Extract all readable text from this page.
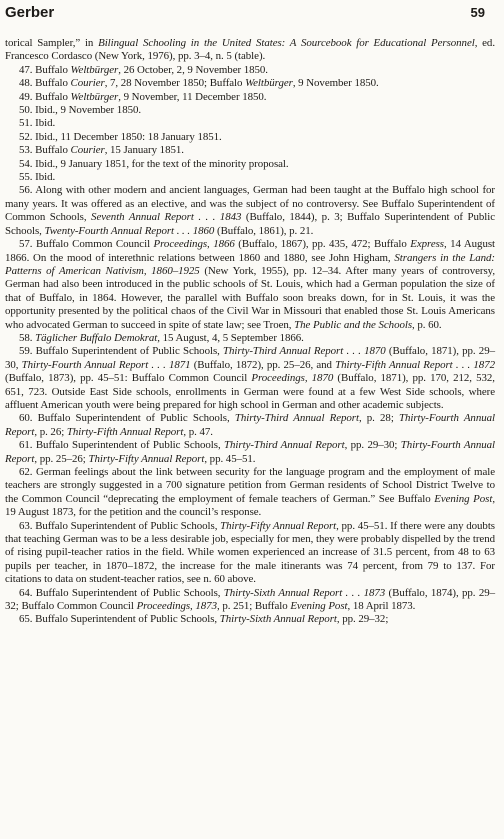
Gerber	59

torical Sampler,” in Bilingual Schooling in the United States: A Sourcebook for Educational Personnel, ed. Francesco Cordasco (New York, 1976), pp. 3–4, n. 5 (table).

47. Buffalo Weltbürger, 26 October, 2, 9 November 1850.

48. Buffalo Courier, 7, 28 November 1850; Buffalo Weltbürger, 9 November 1850.

49. Buffalo Weltbürger, 9 November, 11 December 1850.

50. Ibid., 9 November 1850.

51. Ibid.

52. Ibid., 11 December 1850: 18 January 1851.

53. Buffalo Courier, 15 January 1851.

54. Ibid., 9 January 1851, for the text of the minority proposal.

55. Ibid.

56. Along with other modern and ancient languages, German had been taught at the Buffalo high school for many years. It was offered as an elective, and was the subject of no controversy. See Buffalo Superintendent of Common Schools, Seventh Annual Report . . . 1843 (Buffalo, 1844), p. 3; Buffalo Superintendent of Public Schools, Twenty-Fourth Annual Report . . . 1860 (Buffalo, 1861), p. 21.

57. Buffalo Common Council Proceedings, 1866 (Buffalo, 1867), pp. 435, 472; Buffalo Express, 14 August 1866. On the mood of interethnic relations between 1860 and 1880, see John Higham, Strangers in the Land: Patterns of American Nativism, 1860–1925 (New York, 1955), pp. 12–34. After many years of controversy, German had also been introduced in the public schools of St. Louis, which had a German population the size of that of Buffalo, in 1864. However, the parallel with Buffalo soon breaks down, for in St. Louis, it was the opportunity presented by the political chaos of the Civil War in Missouri that enabled those St. Louis Americans who advocated German to succeed in spite of state law; see Troen, The Public and the Schools, p. 60.

58. Täglicher Buffalo Demokrat, 15 August, 4, 5 September 1866.

59. Buffalo Superintendent of Public Schools, Thirty-Third Annual Report . . . 1870 (Buffalo, 1871), pp. 29–30, Thirty-Fourth Annual Report . . . 1871 (Buffalo, 1872), pp. 25–26, and Thirty-Fifth Annual Report . . . 1872 (Buffalo, 1873), pp. 45–51: Buffalo Common Council Proceedings, 1870 (Buffalo, 1871), pp. 170, 212, 532, 651, 723. Outside East Side schools, enrollments in German were found at a few West Side schools, where affluent American youth were being prepared for high school in German and other academic subjects.

60. Buffalo Superintendent of Public Schools, Thirty-Third Annual Report, p. 28; Thirty-Fourth Annual Report, p. 26; Thirty-Fifth Annual Report, p. 47.

61. Buffalo Superintendent of Public Schools, Thirty-Third Annual Report, pp. 29–30; Thirty-Fourth Annual Report, pp. 25–26; Thirty-Fifty Annual Report, pp. 45–51.

62. German feelings about the link between security for the language program and the employment of male teachers are strongly suggested in a 700 signature petition from German residents of School District Twelve to the Common Council “deprecating the employment of female teachers of German.” See Buffalo Evening Post, 19 August 1873, for the petition and the council’s response.

63. Buffalo Superintendent of Public Schools, Thirty-Fifty Annual Report, pp. 45–51. If there were any doubts that teaching German was to be a less desirable job, especially for men, they were probably dispelled by the trend of rising pupil-teacher ratios in the field. While women experienced an increase of 31.5 percent, from 48 to 63 pupils per teacher, in 1870–1872, the increase for the male itinerants was 74 percent, from 79 to 137. For citations to data on student-teacher ratios, see n. 60 above.

64. Buffalo Superintendent of Public Schools, Thirty-Sixth Annual Report . . . 1873 (Buffalo, 1874), pp. 29–32; Buffalo Common Council Proceedings, 1873, p. 251; Buffalo Evening Post, 18 April 1873.

65. Buffalo Superintendent of Public Schools, Thirty-Sixth Annual Report, pp. 29–32;
